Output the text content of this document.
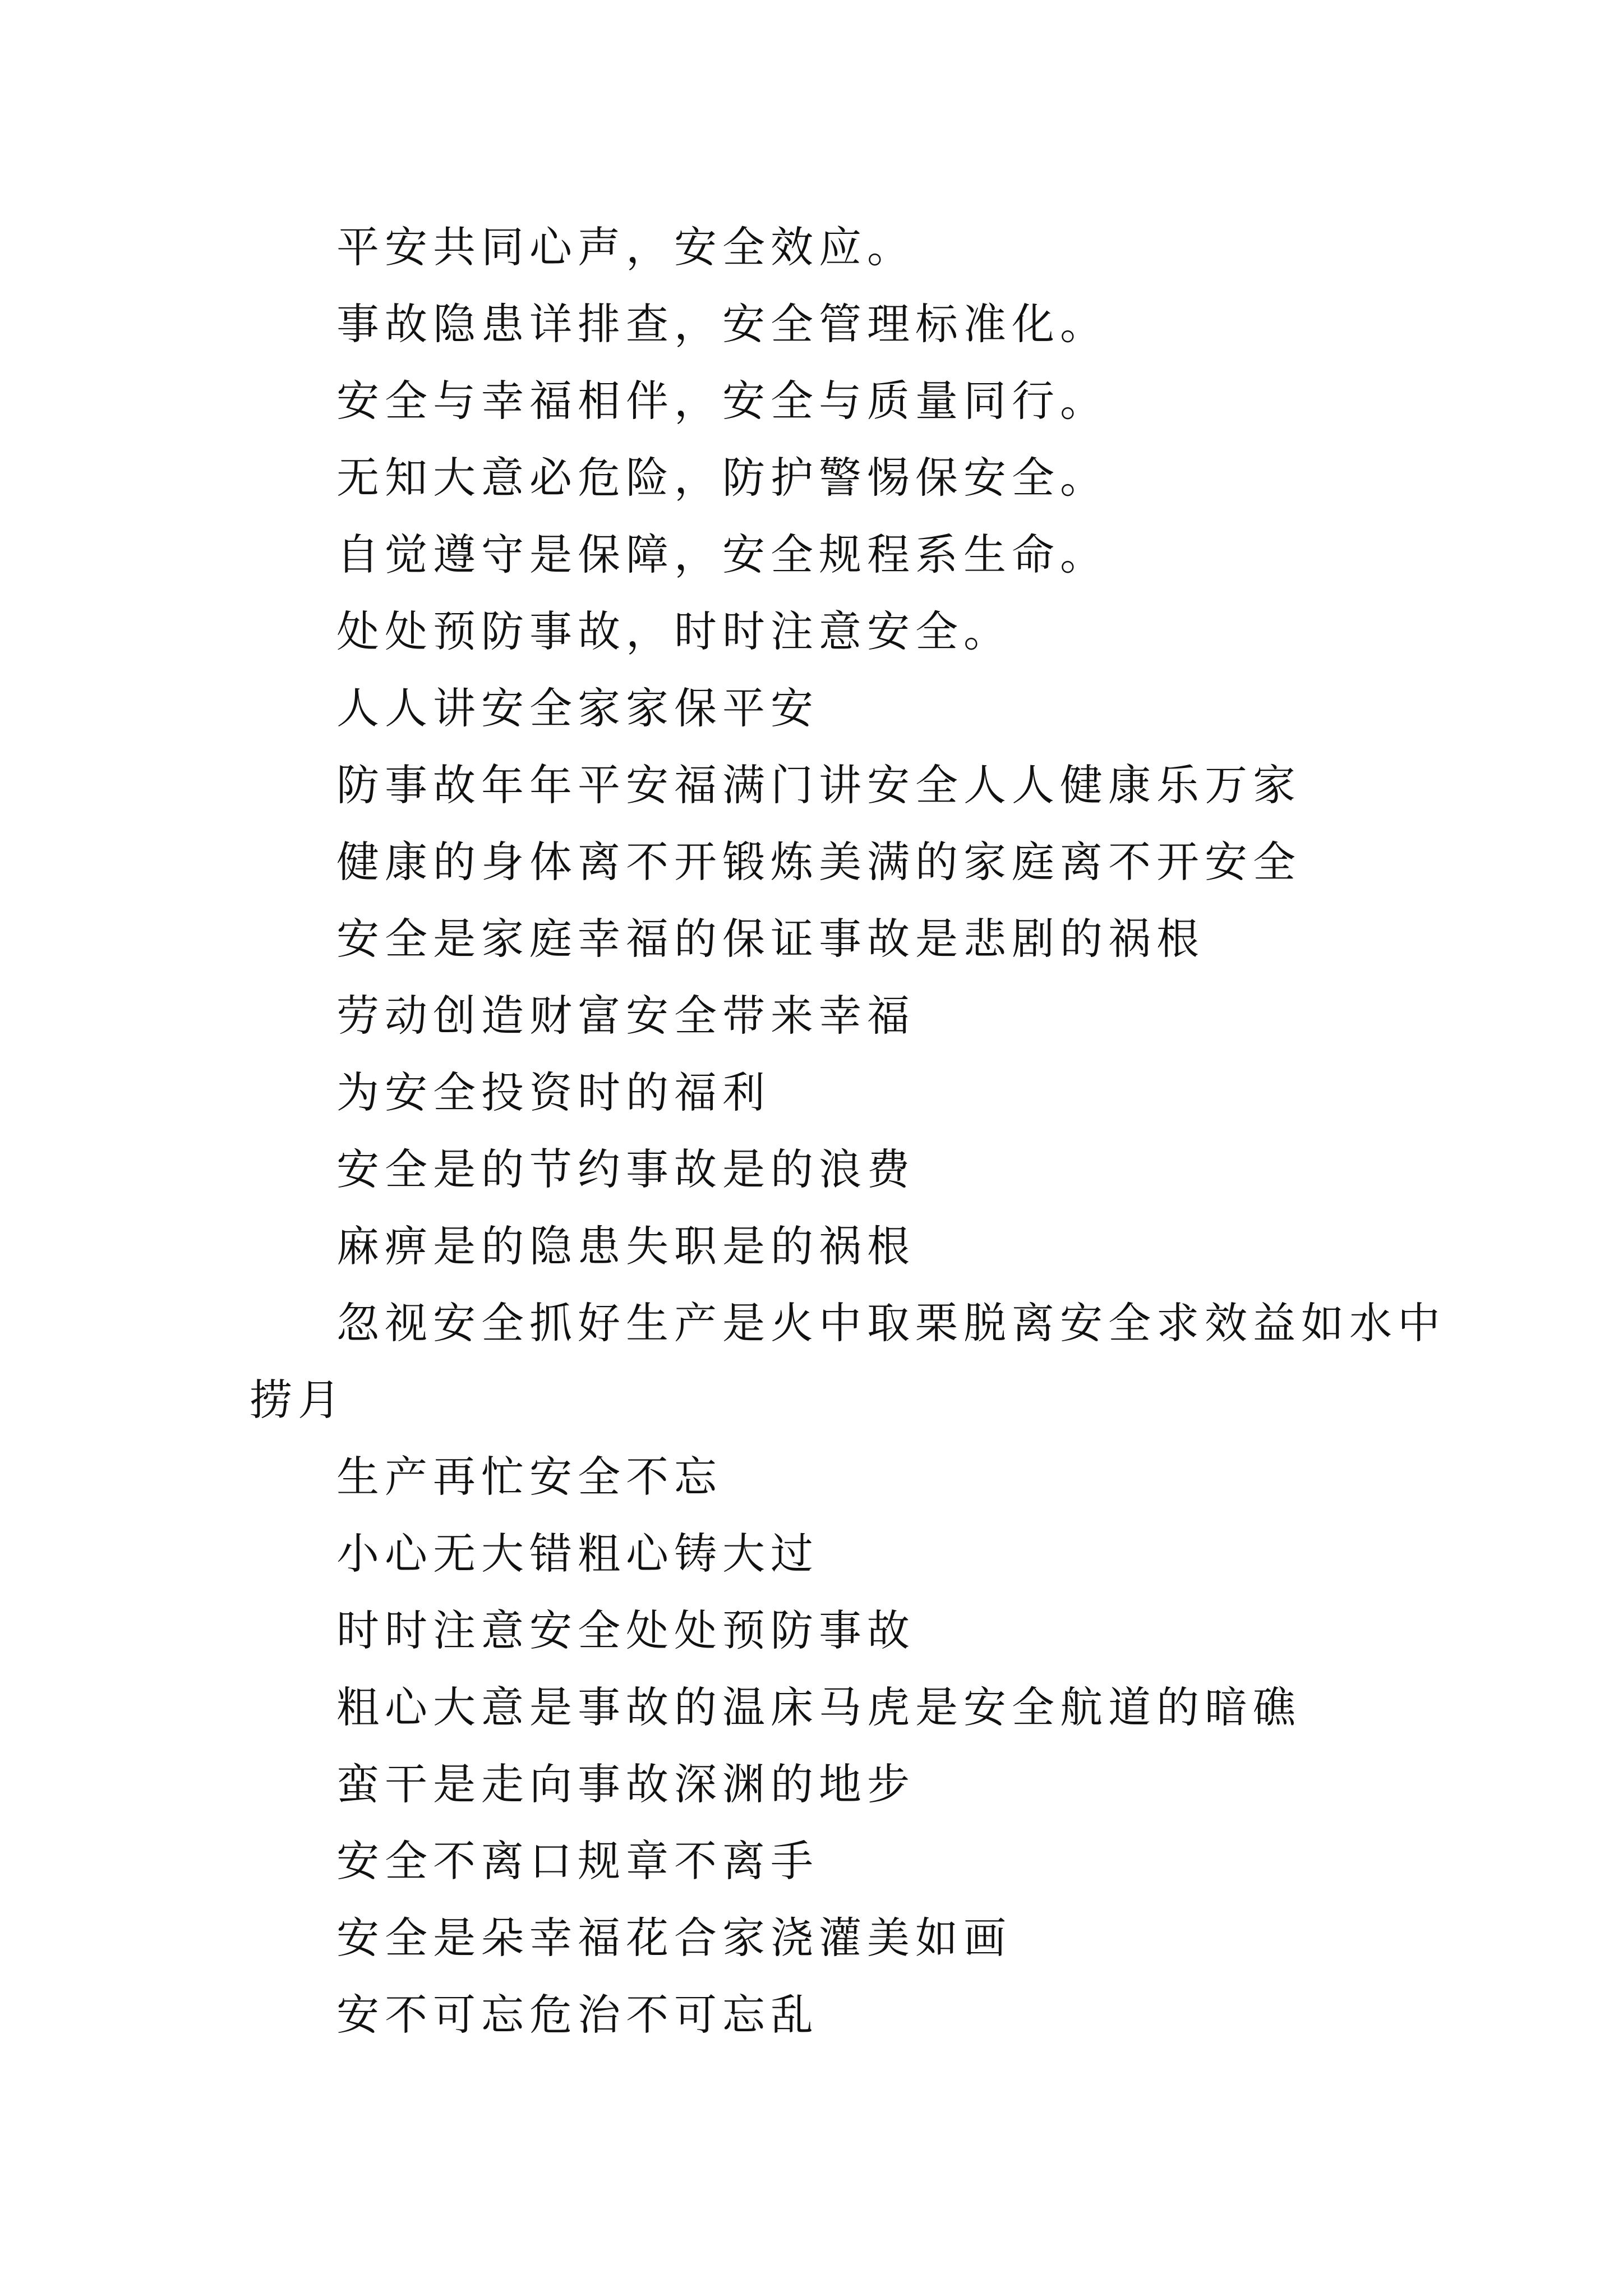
平安共同心声，安全效应。
事故隐患详排查，安全管理标准化。
安全与幸福相伴，安全与质量同行。
无知大意必危险，防护警惕保安全。
自觉遵守是保障，安全规程系生命。
处处预防事故，时时注意安全。
人人讲安全家家保平安
防事故年年平安福满门讲安全人人健康乐万家
健康的身体离不开锻炼美满的家庭离不开安全
安全是家庭幸福的保证事故是悲剧的祸根
劳动创造财富安全带来幸福
为安全投资时的福利
安全是的节约事故是的浪费
麻痹是的隐患失职是的祸根
忽视安全抓好生产是火中取栗脱离安全求效益如水中
捞月
生产再忙安全不忘
小心无大错粗心铸大过
时时注意安全处处预防事故
粗心大意是事故的温床马虎是安全航道的暗礁
蛮干是走向事故深渊的地步
安全不离口规章不离手
安全是朵幸福花合家浇灌美如画
安不可忘危治不可忘乱
